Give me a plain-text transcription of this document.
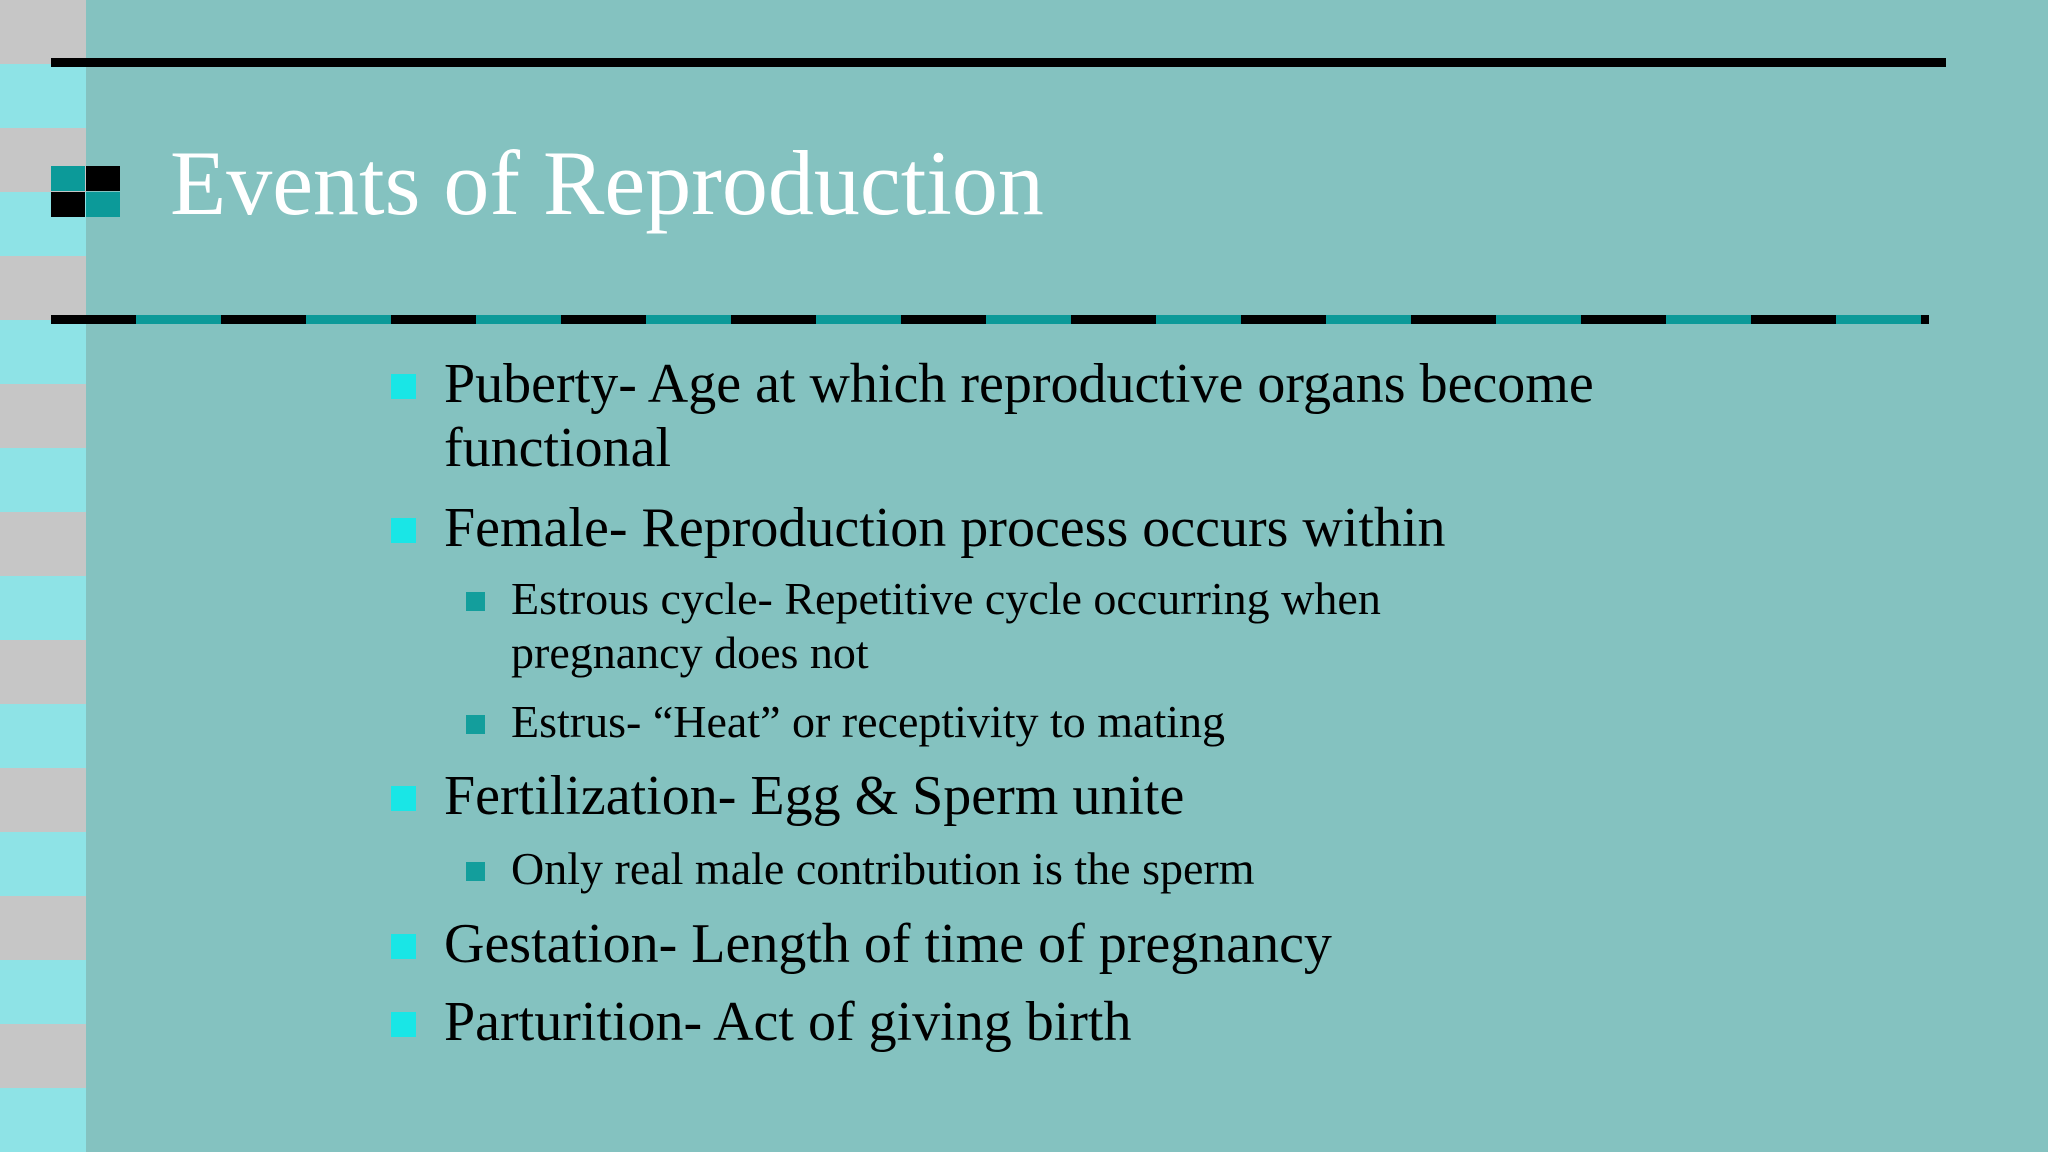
Events of Reproduction
Puberty- Age at which reproductive organs become
functional
Female- Reproduction process occurs within
Estrous cycle- Repetitive cycle occurring when
pregnancy does not
Estrus- “Heat” or receptivity to mating
Fertilization- Egg & Sperm unite
Only real male contribution is the sperm
Gestation- Length of time of pregnancy
Parturition- Act of giving birth
